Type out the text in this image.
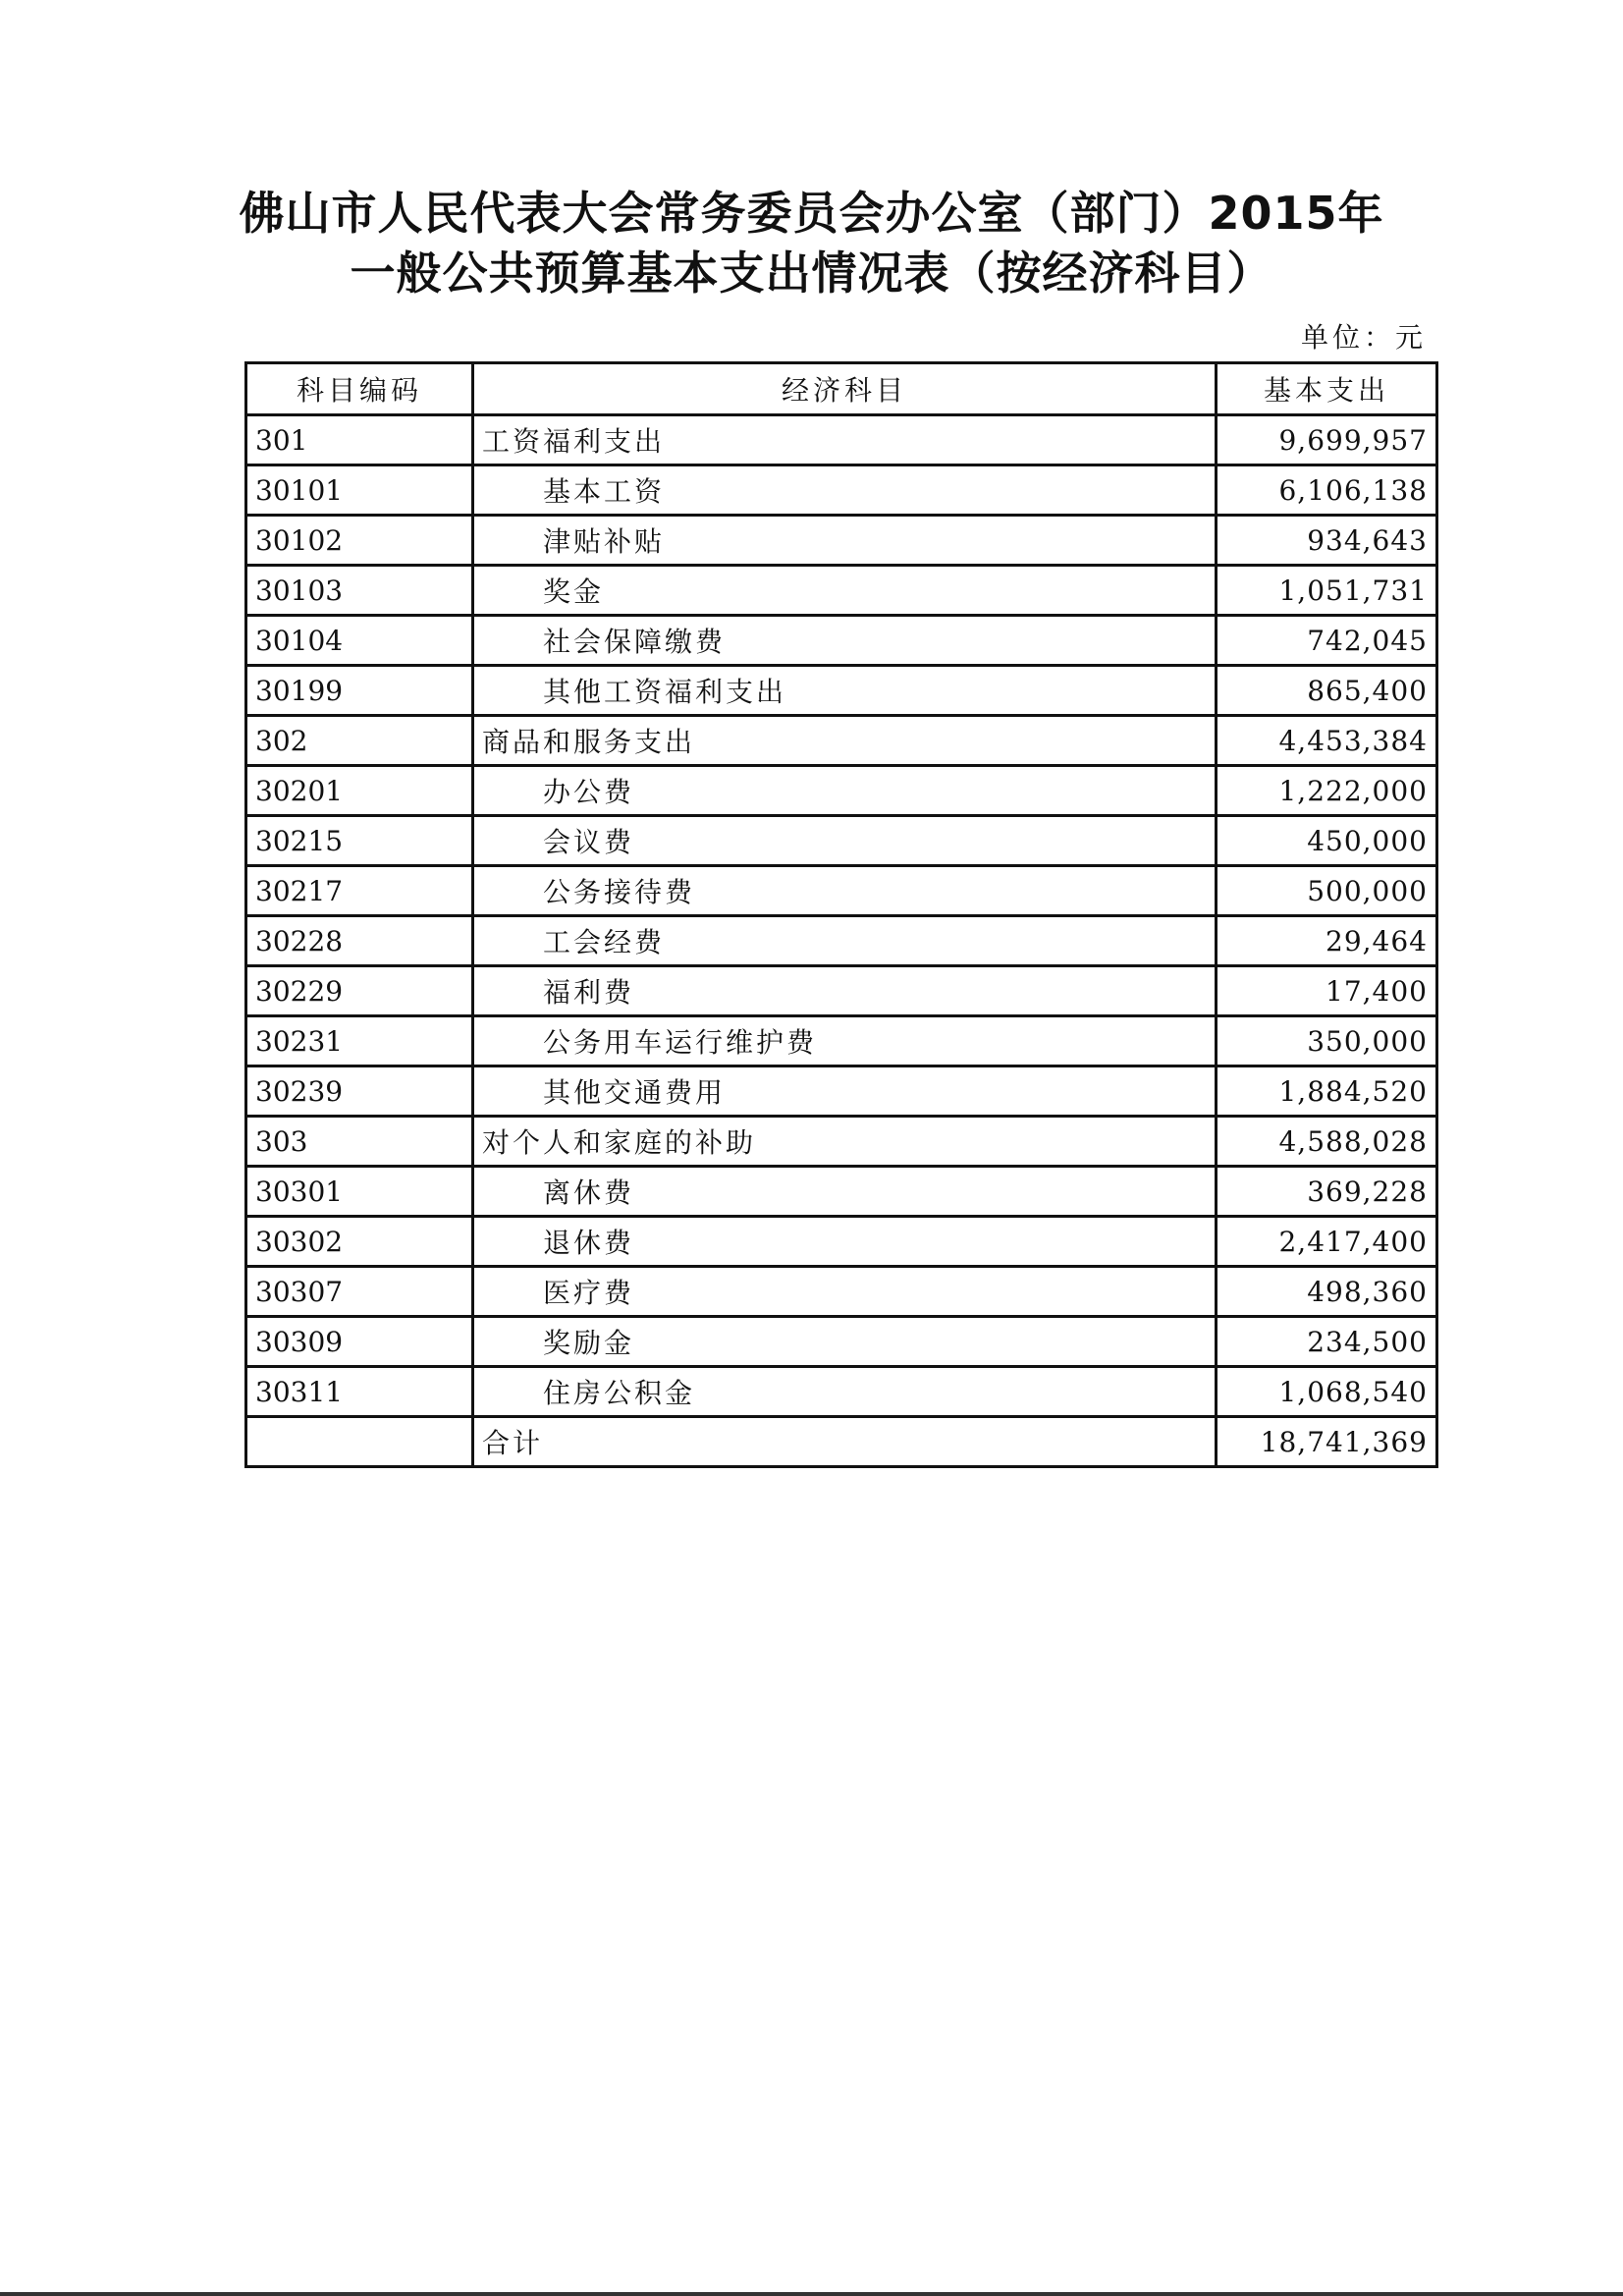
佛山市人民代表大会常务委员会办公室（部门）2015年
一般公共预算基本支出情况表（按经济科目）
单位：元
科目编码	经济科目	基本支出
301	工资福利支出	9,699,957
30101	基本工资	6,106,138
30102	津贴补贴	934,643
30103	奖金	1,051,731
30104	社会保障缴费	742,045
30199	其他工资福利支出	865,400
302	商品和服务支出	4,453,384
30201	办公费	1,222,000
30215	会议费	450,000
30217	公务接待费	500,000
30228	工会经费	29,464
30229	福利费	17,400
30231	公务用车运行维护费	350,000
30239	其他交通费用	1,884,520
303	对个人和家庭的补助	4,588,028
30301	离休费	369,228
30302	退休费	2,417,400
30307	医疗费	498,360
30309	奖励金	234,500
30311	住房公积金	1,068,540
	合计	18,741,369
